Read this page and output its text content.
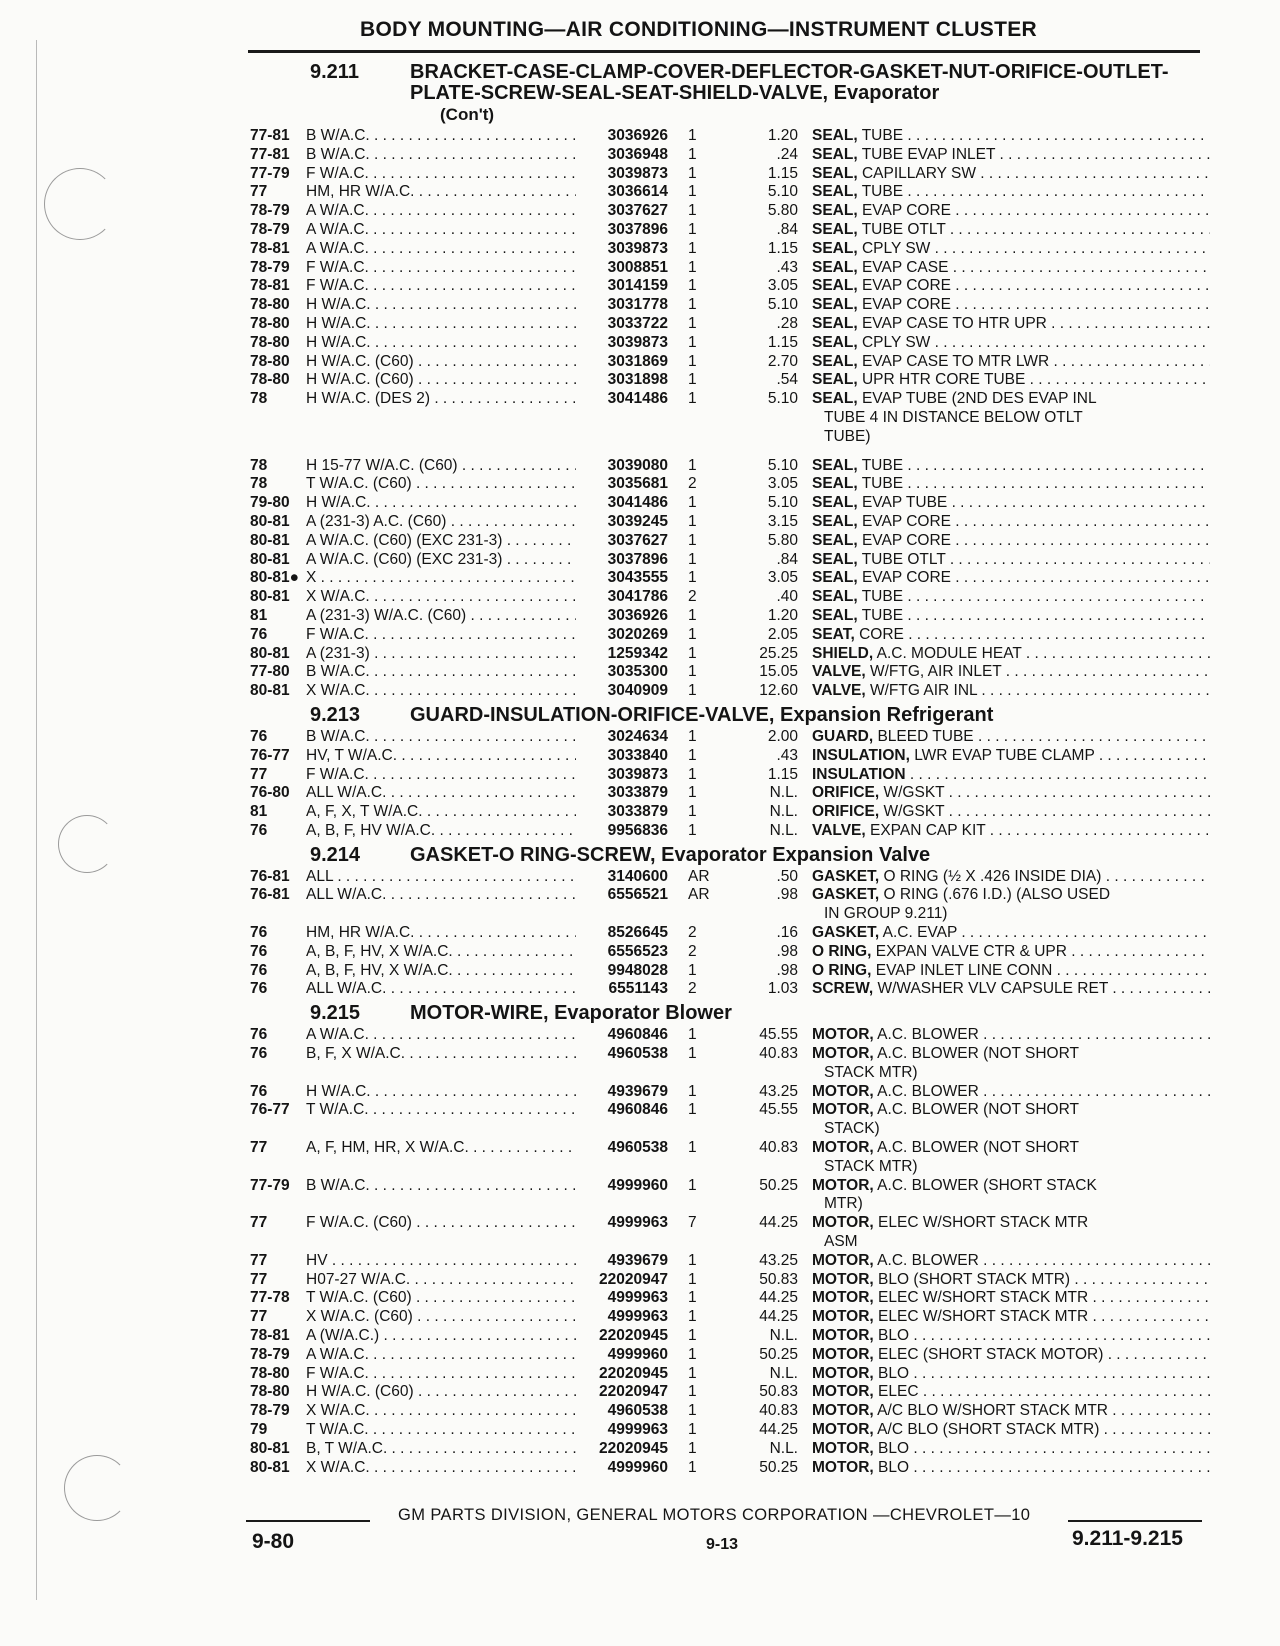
BODY MOUNTING—AIR CONDITIONING—INSTRUMENT CLUSTER
9.211	BRACKET-CASE-CLAMP-COVER-DEFLECTOR-GASKET-NUT-ORIFICE-OUTLET-PLATE-SCREW-SEAL-SEAT-SHIELD-VALVE, Evaporator
(Con't)
77-81	B W/A.C. . . .	3036926	1	1.20 SEAL, TUBE . . .
77-81	B W/A.C. . . .	3036948	1	.24 SEAL, TUBE EVAP INLET . . .
77-79	F W/A.C. . . .	3039873	1	1.15 SEAL, CAPILLARY SW . . .
77	HM, HR W/A.C. . . .	3036614	1	5.10 SEAL, TUBE . . .
78-79	A W/A.C. . . .	3037627	1	5.80 SEAL, EVAP CORE . . .
78-79	A W/A.C. . . .	3037896	1	.84 SEAL, TUBE OTLT . . .
78-81	A W/A.C. . . .	3039873	1	1.15 SEAL, CPLY SW . . .
78-79	F W/A.C. . . .	3008851	1	.43 SEAL, EVAP CASE . . .
78-81	F W/A.C. . . .	3014159	1	3.05 SEAL, EVAP CORE . . .
78-80	H W/A.C. . . .	3031778	1	5.10 SEAL, EVAP CORE . . .
78-80	H W/A.C. . . .	3033722	1	.28 SEAL, EVAP CASE TO HTR UPR . . .
78-80	H W/A.C. . . .	3039873	1	1.15 SEAL, CPLY SW . . .
78-80	H W/A.C. (C60) . . .	3031869	1	2.70 SEAL, EVAP CASE TO MTR LWR . . .
78-80	H W/A.C. (C60) . . .	3031898	1	.54 SEAL, UPR HTR CORE TUBE . . .
78	H W/A.C. (DES 2) . . .	3041486	1	5.10 SEAL, EVAP TUBE (2ND DES EVAP INL
TUBE 4 IN DISTANCE BELOW OTLT
TUBE)
78	H 15-77 W/A.C. (C60) . . .	3039080	1	5.10 SEAL, TUBE . . .
78	T W/A.C. (C60) . . .	3035681	2	3.05 SEAL, TUBE . . .
79-80	H W/A.C. . . .	3041486	1	5.10 SEAL, EVAP TUBE . . .
80-81	A (231-3) A.C. (C60) . . .	3039245	1	3.15 SEAL, EVAP CORE . . .
80-81	A W/A.C. (C60) (EXC 231-3) . . .	3037627	1	5.80 SEAL, EVAP CORE . . .
80-81	A W/A.C. (C60) (EXC 231-3) . . .	3037896	1	.84 SEAL, TUBE OTLT . . .
80-81● X . . .	3043555	1	3.05 SEAL, EVAP CORE . . .
80-81	X W/A.C. . . .	3041786	2	.40 SEAL, TUBE . . .
81	A (231-3) W/A.C. (C60) . . .	3036926	1	1.20 SEAL, TUBE . . .
76	F W/A.C. . . .	3020269	1	2.05 SEAT, CORE . . .
80-81	A (231-3) . . .	1259342	1	25.25 SHIELD, A.C. MODULE HEAT . . .
77-80	B W/A.C. . . .	3035300	1	15.05 VALVE, W/FTG, AIR INLET . . .
80-81	X W/A.C. . . .	3040909	1	12.60 VALVE, W/FTG AIR INL . . .
9.213	GUARD-INSULATION-ORIFICE-VALVE, Expansion Refrigerant
76	B W/A.C. . . .	3024634	1	2.00 GUARD, BLEED TUBE . . .
76-77	HV, T W/A.C. . . .	3033840	1	.43 INSULATION, LWR EVAP TUBE CLAMP . . .
77	F W/A.C. . . .	3039873	1	1.15 INSULATION . . .
76-80	ALL W/A.C. . . .	3033879	1	N.L. ORIFICE, W/GSKT . . .
81	A, F, X, T W/A.C. . . .	3033879	1	N.L. ORIFICE, W/GSKT . . .
76	A, B, F, HV W/A.C. . . .	9956836	1	N.L. VALVE, EXPAN CAP KIT . . .
9.214	GASKET-O RING-SCREW, Evaporator Expansion Valve
76-81	ALL . . .	3140600	AR	.50 GASKET, O RING (½ X .426 INSIDE DIA) . . .
76-81	ALL W/A.C. . . .	6556521	AR	.98 GASKET, O RING (.676 I.D.) (ALSO USED
IN GROUP 9.211)
76	HM, HR W/A.C. . . .	8526645	2	.16 GASKET, A.C. EVAP . . .
76	A, B, F, HV, X W/A.C. . . .	6556523	2	.98 O RING, EXPAN VALVE CTR & UPR . . .
76	A, B, F, HV, X W/A.C. . . .	9948028	1	.98 O RING, EVAP INLET LINE CONN . . .
76	ALL W/A.C. . . .	6551143	2	1.03 SCREW, W/WASHER VLV CAPSULE RET . . .
9.215	MOTOR-WIRE, Evaporator Blower
76	A W/A.C. . . .	4960846	1	45.55 MOTOR, A.C. BLOWER . . .
76	B, F, X W/A.C. . . .	4960538	1	40.83 MOTOR, A.C. BLOWER (NOT SHORT
STACK MTR)
76	H W/A.C. . . .	4939679	1	43.25 MOTOR, A.C. BLOWER . . .
76-77	T W/A.C. . . .	4960846	1	45.55 MOTOR, A.C. BLOWER (NOT SHORT
STACK)
77	A, F, HM, HR, X W/A.C. . . .	4960538	1	40.83 MOTOR, A.C. BLOWER (NOT SHORT
STACK MTR)
77-79	B W/A.C. . . .	4999960	1	50.25 MOTOR, A.C. BLOWER (SHORT STACK
MTR)
77	F W/A.C. (C60) . . .	4999963	7	44.25 MOTOR, ELEC W/SHORT STACK MTR
ASM
77	HV . . .	4939679	1	43.25 MOTOR, A.C. BLOWER . . .
77	H07-27 W/A.C. . . .	22020947	1	50.83 MOTOR, BLO (SHORT STACK MTR) . . .
77-78	T W/A.C. (C60) . . .	4999963	1	44.25 MOTOR, ELEC W/SHORT STACK MTR . . .
77	X W/A.C. (C60) . . .	4999963	1	44.25 MOTOR, ELEC W/SHORT STACK MTR . . .
78-81	A (W/A.C.) . . .	22020945	1	N.L. MOTOR, BLO . . .
78-79	A W/A.C. . . .	4999960	1	50.25 MOTOR, ELEC (SHORT STACK MOTOR) . . .
78-80	F W/A.C. . . .	22020945	1	N.L. MOTOR, BLO . . .
78-80	H W/A.C. (C60) . . .	22020947	1	50.83 MOTOR, ELEC . . .
78-79	X W/A.C. . . .	4960538	1	40.83 MOTOR, A/C BLO W/SHORT STACK MTR . . .
79	T W/A.C. . . .	4999963	1	44.25 MOTOR, A/C BLO (SHORT STACK MTR) . . .
80-81	B, T W/A.C. . . .	22020945	1	N.L. MOTOR, BLO . . .
80-81	X W/A.C. . . .	4999960	1	50.25 MOTOR, BLO . . .
GM PARTS DIVISION, GENERAL MOTORS CORPORATION —CHEVROLET—10
9-80	9-13	9.211-9.215
